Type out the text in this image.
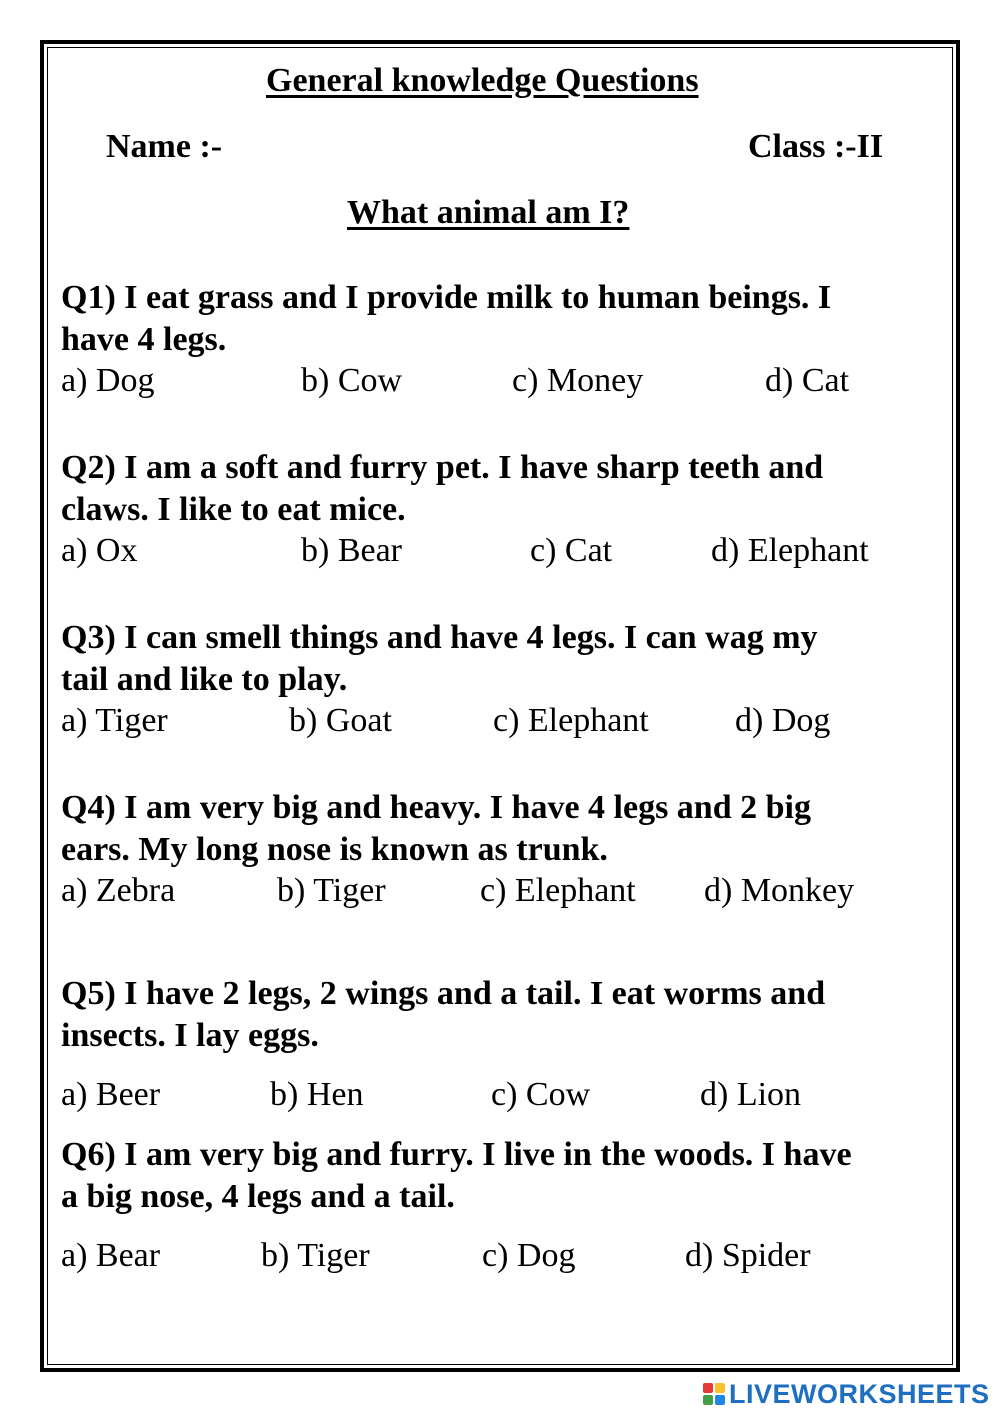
General knowledge Questions
Name :-	Class :-II
What animal am I?
Q1) I eat grass and I provide milk to human beings. I
have 4 legs.
a) Dog	b) Cow	c) Money	d) Cat
Q2) I am a soft and furry pet. I have sharp teeth and
claws. I like to eat mice.
a) Ox	b) Bear	c) Cat	d) Elephant
Q3) I can smell things and have 4 legs. I can wag my
tail and like to play.
a) Tiger	b) Goat	c) Elephant	d) Dog
Q4) I am very big and heavy. I have 4 legs and 2 big
ears. My long nose is known as trunk.
a) Zebra	b) Tiger	c) Elephant d) Monkey
Q5) I have 2 legs, 2 wings and a tail. I eat worms and
insects. I lay eggs.
a) Beer	b) Hen	c) Cow	d) Lion
Q6) I am very big and furry. I live in the woods. I have
a big nose, 4 legs and a tail.
a) Bear	b) Tiger	c) Dog	d) Spider
LIVEWORKSHEETS
